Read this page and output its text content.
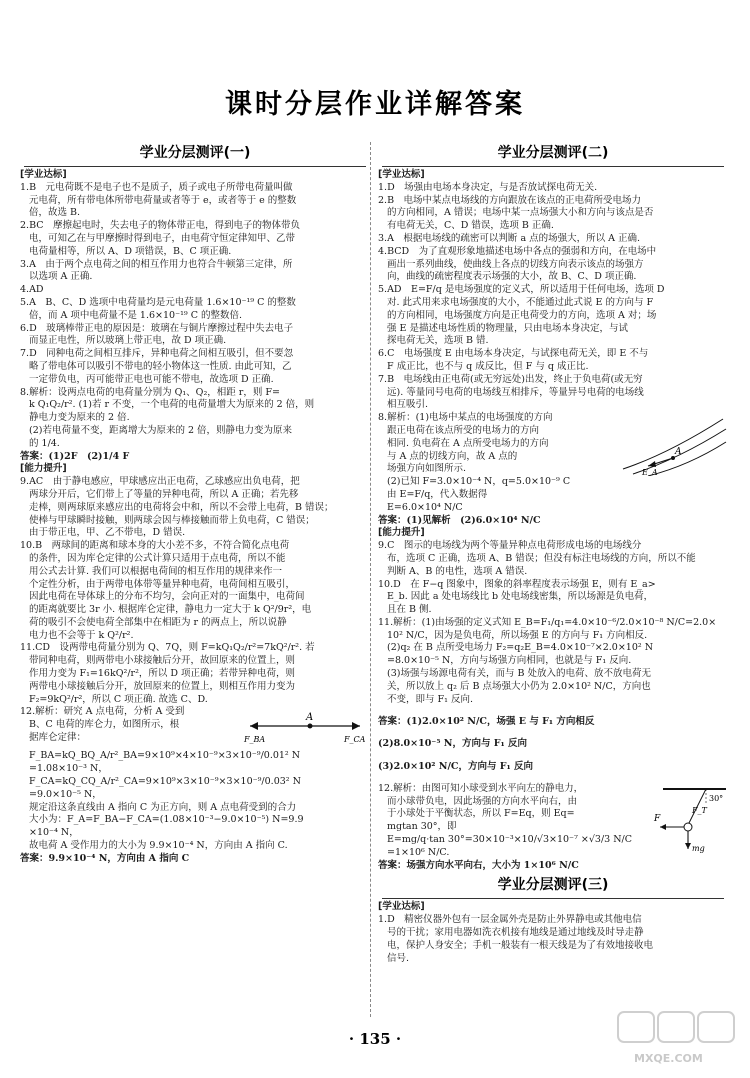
课时分层作业详解答案
学业分层测评(一)
[学业达标]

1.B　元电荷既不是电子也不是质子，质子或电子所带电荷量叫做

元电荷，所有带电体所带电荷量或者等于 e，或者等于 e 的整数

倍，故选 B.

2.BC　摩擦起电时，失去电子的物体带正电，得到电子的物体带负

电，可知乙在与甲摩擦时得到电子，由电荷守恒定律知甲、乙带

电荷量相等，所以 A、D 项错误，B、C 项正确.

3.A　由于两个点电荷之间的相互作用力也符合牛顿第三定律，所

以选项 A 正确.

4.AD

5.A　B、C、D 选项中电荷量均是元电荷量 1.6×10⁻¹⁹ C 的整数

倍，而 A 项中电荷量不是 1.6×10⁻¹⁹ C 的整数倍.

6.D　玻璃棒带正电的原因是：玻璃在与铜片摩擦过程中失去电子

而显正电性，所以玻璃上带正电，故 D 项正确.

7.D　同种电荷之间相互排斥，异种电荷之间相互吸引，但不要忽

略了带电体可以吸引不带电的轻小物体这一性质. 由此可知，乙

一定带负电，丙可能带正电也可能不带电，故选项 D 正确.

8.解析：设两点电荷的电荷量分别为 Q₁、Q₂，相距 r，则 F=

k Q₁Q₂/r². (1)若 r 不变，一个电荷的电荷量增大为原来的 2 倍，则

静电力变为原来的 2 倍.

(2)若电荷量不变，距离增大为原来的 2 倍，则静电力变为原来

的 1/4.

答案：(1)2F　(2)1/4 F
[能力提升]

9.AC　由于静电感应，甲球感应出正电荷，乙球感应出负电荷，把

两球分开后，它们带上了等量的异种电荷，所以 A 正确；若先移

走棒，则两球原来感应出的电荷将会中和，所以不会带上电荷，B 错误；

使棒与甲球瞬时接触，则两球会因与棒接触而带上负电荷，C 错误；

由于带正电，甲、乙不带电，D 错误.

10.B　两球间的距离和球本身的大小差不多，不符合简化点电荷

的条件，因为库仑定律的公式计算只适用于点电荷，所以不能

用公式去计算. 我们可以根据电荷间的相互作用的规律来作一

个定性分析，由于两带电体带等量异种电荷，电荷间相互吸引，

因此电荷在导体球上的分布不均匀，会向正对的一面集中，电荷间

的距离就要比 3r 小. 根据库仑定律，静电力一定大于 k Q²/9r²，电

荷的吸引不会使电荷全部集中在相距为 r 的两点上，所以说静

电力也不会等于 k Q²/r².

11.CD　设两带电荷量分别为 Q、7Q，则 F=kQ₁Q₂/r²=7kQ²/r². 若

带同种电荷，则两带电小球接触后分开，故回原来的位置上，则

作用力变为 F₁=16kQ²/r²，所以 D 项正确；若带异种电荷，则

两带电小球接触后分开，放回原来的位置上，则相互作用力变为

F₂=9kQ²/r²，所以 C 项正确. 故选 C、D.

A
F_BA	F_CA

12.解析：研究 A 点电荷，分析 A 受到

B、C 电荷的库仑力，如图所示，根

据库仑定律：

F_BA=kQ_BQ_A/r²_BA=9×10⁹×4×10⁻⁹×3×10⁻⁹/0.01² N

=1.08×10⁻³ N，

F_CA=kQ_CQ_A/r²_CA=9×10⁹×3×10⁻⁹×3×10⁻⁹/0.03² N

=9.0×10⁻⁵ N，

规定沿这条直线由 A 指向 C 为正方向，则 A 点电荷受到的合力

大小为：F_A=F_BA−F_CA=(1.08×10⁻³−9.0×10⁻⁵) N=9.9

×10⁻⁴ N，

故电荷 A 受作用力的大小为 9.9×10⁻⁴ N，方向由 A 指向 C.

答案：9.9×10⁻⁴ N，方向由 A 指向 C
学业分层测评(二)
[学业达标]

1.D　场强由电场本身决定，与是否放试探电荷无关.

2.B　电场中某点电场线的方向跟放在该点的正电荷所受电场力

的方向相同，A 错误；电场中某一点场强大小和方向与该点是否

有电荷无关，C、D 错误，选项 B 正确.

3.A　根据电场线的疏密可以判断 a 点的场强大，所以 A 正确.

4.BCD　为了直观形象地描述电场中各点的强弱和方向，在电场中

画出一系列曲线，使曲线上各点的切线方向表示该点的场强方

向，曲线的疏密程度表示场强的大小，故 B、C、D 项正确.

5.AD　E=F/q 是电场强度的定义式，所以适用于任何电场，选项 D

对. 此式用来求电场强度的大小，不能通过此式说 E 的方向与 F

的方向相同，电场强度方向是正电荷受力的方向，选项 A 对；场

强 E 是描述电场性质的物理量，只由电场本身决定，与试

探电荷无关，选项 B 错.

6.C　电场强度 E 由电场本身决定，与试探电荷无关，即 E 不与

F 成正比，也不与 q 成反比，但 F 与 q 成正比.

7.B　电场线由正电荷(或无穷远处)出发，终止于负电荷(或无穷

远). 等量同号电荷的电场线互相排斥，等量异号电荷的电场线

相互吸引.

A
E_A

8.解析：(1)电场中某点的电场强度的方向

跟正电荷在该点所受的电场力的方向

相同. 负电荷在 A 点所受电场力的方向

与 A 点的切线方向，故 A 点的

场强方向如图所示.

(2)已知 F=3.0×10⁻⁴ N，q=5.0×10⁻⁹ C

由 E=F/q，代入数据得

E=6.0×10⁴ N/C

答案：(1)见解析　(2)6.0×10⁴ N/C
[能力提升]

9.C　图示的电场线为两个等量异种点电荷形成电场的电场线分

布，选项 C 正确，选项 A、B 错误；但没有标注电场线的方向，所以不能

判断 A、B 的电性，选项 A 错误.

10.D　在 F−q 图象中，图象的斜率程度表示场强 E，则有 E_a>

E_b. 因此 a 处电场线比 b 处电场线密集，所以场源是负电荷，

且在 B 侧.

11.解析：(1)由场强的定义式知 E_B=F₁/q₁=4.0×10⁻⁶/2.0×10⁻⁸ N/C=2.0×

10² N/C，因为是负电荷，所以场强 E 的方向与 F₁ 方向相反.

(2)q₂ 在 B 点所受电场力 F₂=q₂E_B=4.0×10⁻⁷×2.0×10² N

=8.0×10⁻⁵ N，方向与场强方向相同，也就是与 F₁ 反向.

(3)场强与场源电荷有关，而与 B 处放入的电荷、放不放电荷无

关，所以放上 q₂ 后 B 点场强大小仍为 2.0×10² N/C，方向也

不变，即与 F₁ 反向.

答案：(1)2.0×10² N/C，场强 E 与 F₁ 方向相反

(2)8.0×10⁻⁵ N，方向与 F₁ 反向

(3)2.0×10² N/C，方向与 F₁ 反向

30°
F
mg
F_T

12.解析：由图可知小球受到水平向左的静电力，

而小球带负电，因此场强的方向水平向右，由

于小球处于平衡状态，所以 F=Eq，则 Eq=

mgtan 30°，即

E=mg/q·tan 30°=30×10⁻³×10/√3×10⁻⁷ ×√3/3 N/C

=1×10⁶ N/C.

答案：场强方向水平向右，大小为 1×10⁶ N/C
学业分层测评(三)
[学业达标]

1.D　精密仪器外包有一层金属外壳是防止外界静电或其他电信

号的干扰；家用电器如洗衣机接有地线是通过地线及时导走静

电，保护人身安全；手机一般装有一根天线是为了有效地接收电

信号.

· 135 ·
MXQE.COM
